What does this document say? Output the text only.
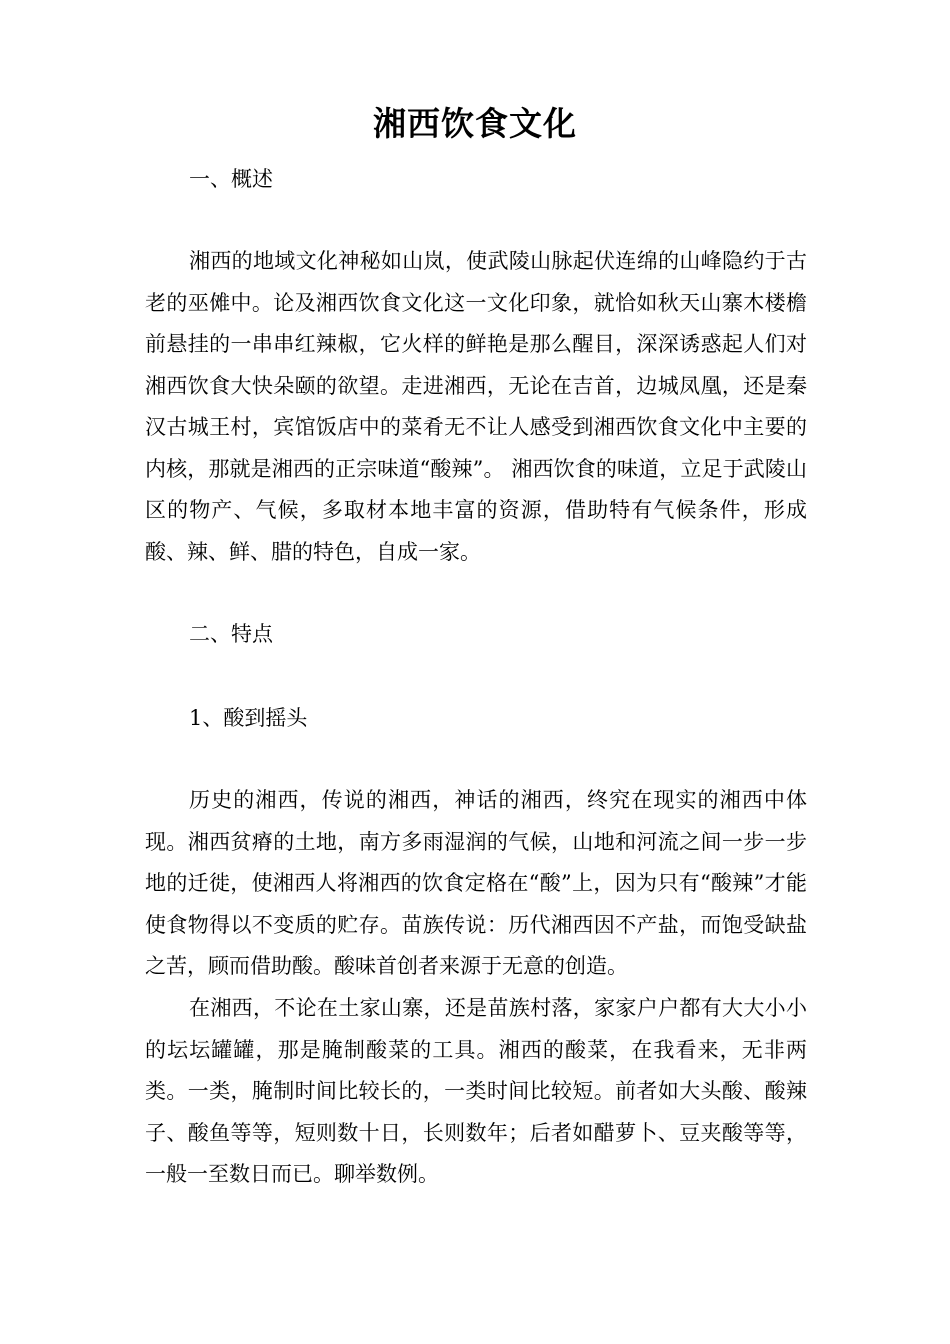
湘西饮食文化

一、概述

湘西的地域文化神秘如山岚，使武陵山脉起伏连绵的山峰隐约于古老的巫傩中。论及湘西饮食文化这一文化印象，就恰如秋天山寨木楼檐前悬挂的一串串红辣椒，它火样的鲜艳是那么醒目，深深诱惑起人们对湘西饮食大快朵颐的欲望。走进湘西，无论在吉首，边城凤凰，还是秦汉古城王村，宾馆饭店中的菜肴无不让人感受到湘西饮食文化中主要的内核，那就是湘西的正宗味道“酸辣”。 湘西饮食的味道，立足于武陵山区的物产、气候，多取材本地丰富的资源，借助特有气候条件，形成酸、辣、鲜、腊的特色，自成一家。

二、特点

1、酸到摇头

历史的湘西，传说的湘西，神话的湘西，终究在现实的湘西中体现。湘西贫瘠的土地，南方多雨湿润的气候，山地和河流之间一步一步地的迁徙，使湘西人将湘西的饮食定格在“酸”上，因为只有“酸辣”才能使食物得以不变质的贮存。苗族传说：历代湘西因不产盐，而饱受缺盐之苦，顾而借助酸。酸味首创者来源于无意的创造。

在湘西，不论在土家山寨，还是苗族村落，家家户户都有大大小小的坛坛罐罐，那是腌制酸菜的工具。湘西的酸菜，在我看来，无非两类。一类，腌制时间比较长的，一类时间比较短。前者如大头酸、酸辣子、酸鱼等等，短则数十日，长则数年；后者如醋萝卜、豆夹酸等等，一般一至数日而已。聊举数例。
